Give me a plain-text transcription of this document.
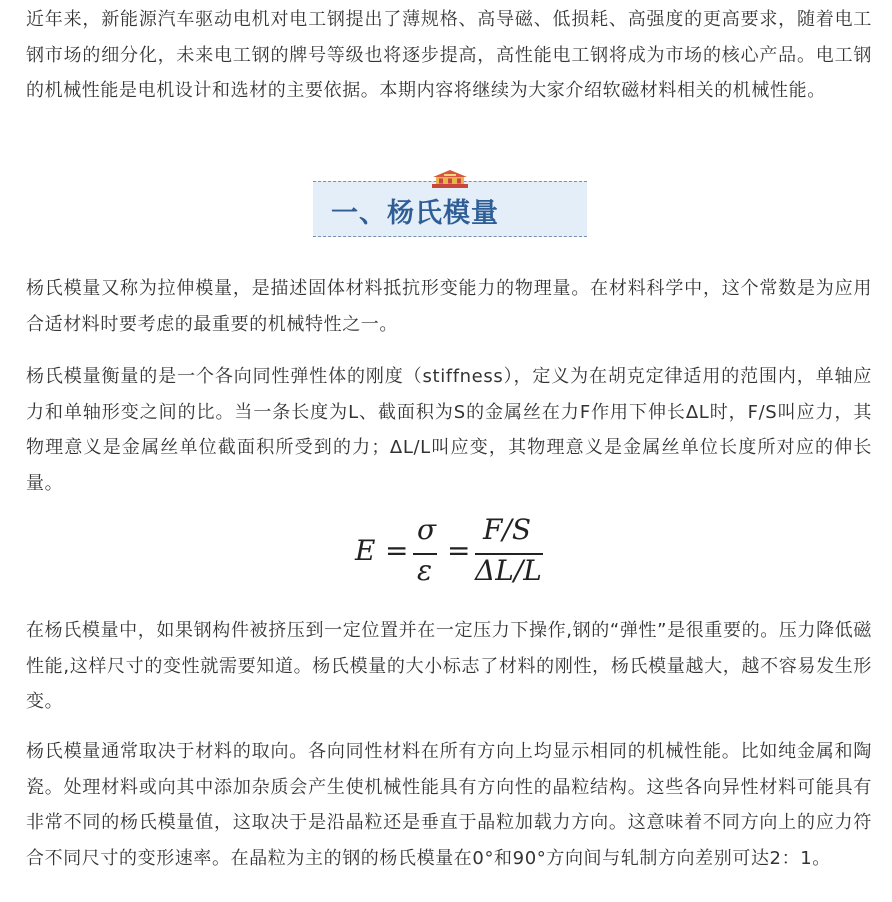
近年来，新能源汽车驱动电机对电工钢提出了薄规格、高导磁、低损耗、高强度的更高要求，随着电工钢市场的细分化，未来电工钢的牌号等级也将逐步提高，高性能电工钢将成为市场的核心产品。电工钢的机械性能是电机设计和选材的主要依据。本期内容将继续为大家介绍软磁材料相关的机械性能。

一、杨氏模量

杨氏模量又称为拉伸模量，是描述固体材料抵抗形变能力的物理量。在材料科学中，这个常数是为应用合适材料时要考虑的最重要的机械特性之一。

杨氏模量衡量的是一个各向同性弹性体的刚度（stiffness），定义为在胡克定律适用的范围内，单轴应力和单轴形变之间的比。当一条长度为L、截面积为S的金属丝在力F作用下伸长ΔL时，F/S叫应力，其物理意义是金属丝单位截面积所受到的力；ΔL/L叫应变，其物理意义是金属丝单位长度所对应的伸长量。

E =
σ
ε
=
F/S
ΔL/L

在杨氏模量中，如果钢构件被挤压到一定位置并在一定压力下操作,钢的“弹性”是很重要的。压力降低磁性能,这样尺寸的变性就需要知道。杨氏模量的大小标志了材料的刚性，杨氏模量越大，越不容易发生形变。

杨氏模量通常取决于材料的取向。各向同性材料在所有方向上均显示相同的机械性能。比如纯金属和陶瓷。处理材料或向其中添加杂质会产生使机械性能具有方向性的晶粒结构。这些各向异性材料可能具有非常不同的杨氏模量值，这取决于是沿晶粒还是垂直于晶粒加载力方向。这意味着不同方向上的应力符合不同尺寸的变形速率。在晶粒为主的钢的杨氏模量在0°和90°方向间与轧制方向差别可达2：1。
